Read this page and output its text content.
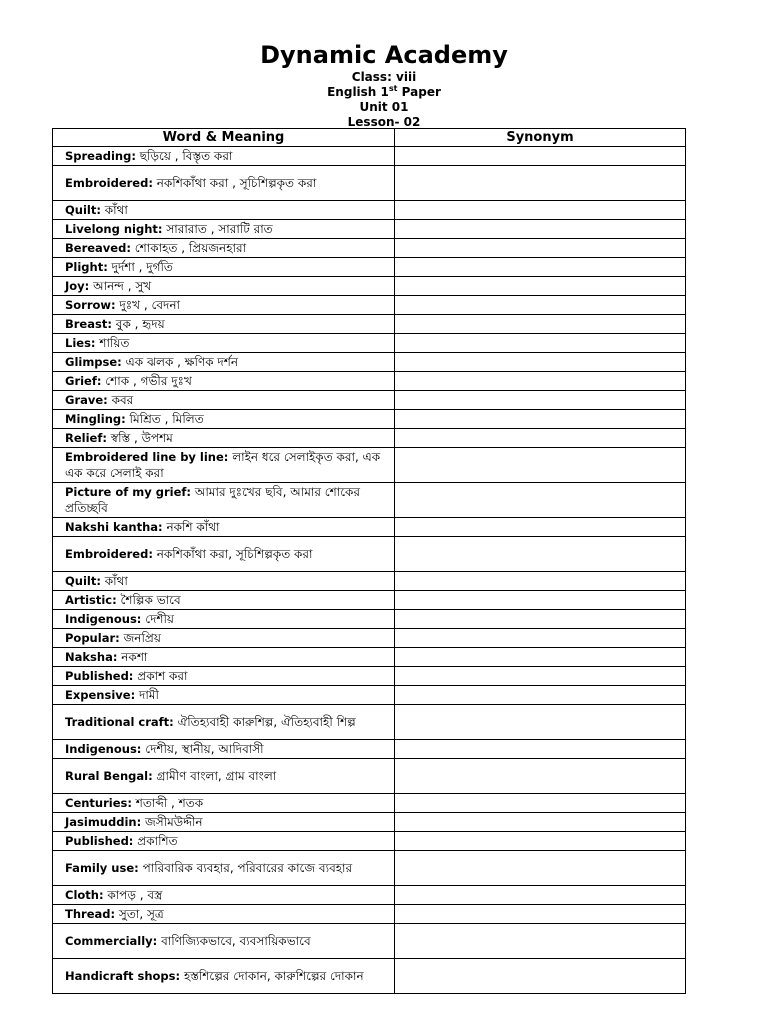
Dynamic Academy
Class: viii
English 1st Paper
Unit 01
Lesson- 02
Word & Meaning	Synonym
Spreading: ছড়িয়ে , বিস্তৃত করা	
Embroidered: নকশিকাঁথা করা , সূচিশিল্পকৃত করা	
Quilt: কাঁথা	
Livelong night: সারারাত , সারাটি রাত	
Bereaved: শোকাহত , প্রিয়জনহারা	
Plight: দুর্দশা , দুর্গতি	
Joy: আনন্দ , সুখ	
Sorrow: দুঃখ , বেদনা	
Breast: বুক , হৃদয়	
Lies: শায়িত	
Glimpse: এক ঝলক , ক্ষণিক দর্শন	
Grief: শোক , গভীর দুঃখ	
Grave: কবর	
Mingling: মিশ্রিত , মিলিত	
Relief: স্বস্তি , উপশম	
Embroidered line by line: লাইন ধরে সেলাইকৃত করা, এক এক করে সেলাই করা	
Picture of my grief: আমার দুঃখের ছবি, আমার শোকের প্রতিচ্ছবি	
Nakshi kantha: নকশি কাঁথা	
Embroidered: নকশিকাঁথা করা, সূচিশিল্পকৃত করা	
Quilt: কাঁথা	
Artistic: শৈল্পিক ভাবে	
Indigenous: দেশীয়	
Popular: জনপ্রিয়	
Naksha: নকশা	
Published: প্রকাশ করা	
Expensive: দামী	
Traditional craft: ঐতিহ্যবাহী কারুশিল্প, ঐতিহ্যবাহী শিল্প	
Indigenous: দেশীয়, স্থানীয়, আদিবাসী	
Rural Bengal: গ্রামীণ বাংলা, গ্রাম বাংলা	
Centuries: শতাব্দী , শতক	
Jasimuddin: জসীমউদ্দীন	
Published: প্রকাশিত	
Family use: পারিবারিক ব্যবহার, পরিবারের কাজে ব্যবহার	
Cloth: কাপড় , বস্ত্র	
Thread: সুতা, সূত্র	
Commercially: বাণিজ্যিকভাবে, ব্যবসায়িকভাবে	
Handicraft shops: হস্তশিল্পের দোকান, কারুশিল্পের দোকান	
